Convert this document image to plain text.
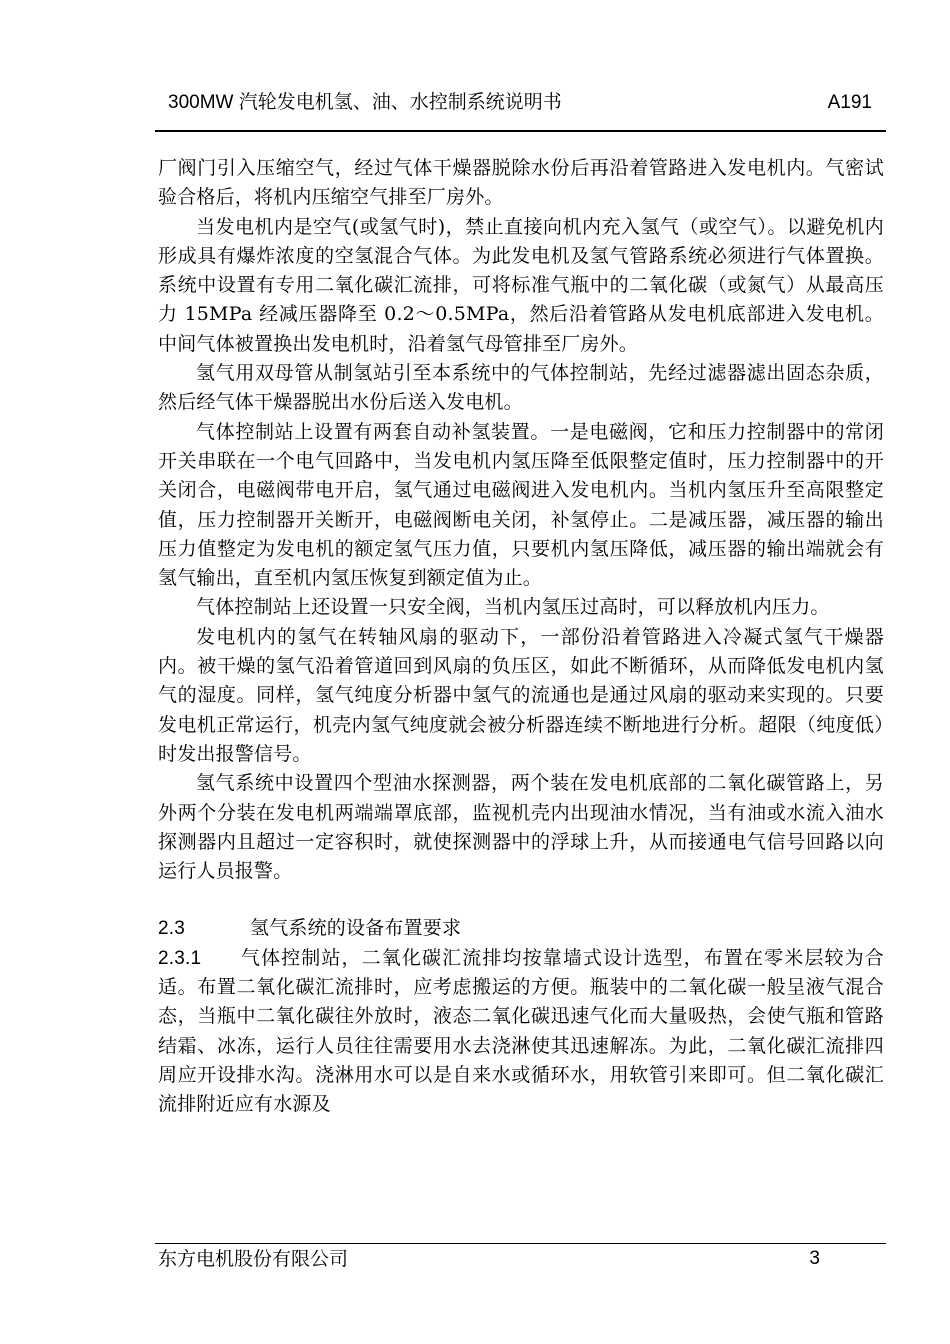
300MW 汽轮发电机氢、油、水控制系统说明书	A191

厂阀门引入压缩空气，经过气体干燥器脱除水份后再沿着管路进入发电机内。气密试验合格后，将机内压缩空气排至厂房外。

当发电机内是空气(或氢气时)，禁止直接向机内充入氢气（或空气）。以避免机内形成具有爆炸浓度的空氢混合气体。为此发电机及氢气管路系统必须进行气体置换。系统中设置有专用二氧化碳汇流排，可将标准气瓶中的二氧化碳（或氮气）从最高压力 15MPa 经减压器降至 0.2～0.5MPa，然后沿着管路从发电机底部进入发电机。中间气体被置换出发电机时，沿着氢气母管排至厂房外。

氢气用双母管从制氢站引至本系统中的气体控制站，先经过滤器滤出固态杂质，然后经气体干燥器脱出水份后送入发电机。

气体控制站上设置有两套自动补氢装置。一是电磁阀，它和压力控制器中的常闭开关串联在一个电气回路中，当发电机内氢压降至低限整定值时，压力控制器中的开关闭合，电磁阀带电开启，氢气通过电磁阀进入发电机内。当机内氢压升至高限整定值，压力控制器开关断开，电磁阀断电关闭，补氢停止。二是减压器，减压器的输出压力值整定为发电机的额定氢气压力值，只要机内氢压降低，减压器的输出端就会有氢气输出，直至机内氢压恢复到额定值为止。

气体控制站上还设置一只安全阀，当机内氢压过高时，可以释放机内压力。

发电机内的氢气在转轴风扇的驱动下，一部份沿着管路进入冷凝式氢气干燥器内。被干燥的氢气沿着管道回到风扇的负压区，如此不断循环，从而降低发电机内氢气的湿度。同样，氢气纯度分析器中氢气的流通也是通过风扇的驱动来实现的。只要发电机正常运行，机壳内氢气纯度就会被分析器连续不断地进行分析。超限（纯度低）时发出报警信号。

氢气系统中设置四个型油水探测器，两个装在发电机底部的二氧化碳管路上，另外两个分装在发电机两端端罩底部，监视机壳内出现油水情况，当有油或水流入油水探测器内且超过一定容积时，就使探测器中的浮球上升，从而接通电气信号回路以向运行人员报警。

2.3	氢气系统的设备布置要求

2.3.1 气体控制站，二氧化碳汇流排均按靠墙式设计选型，布置在零米层较为合适。布置二氧化碳汇流排时，应考虑搬运的方便。瓶装中的二氧化碳一般呈液气混合态，当瓶中二氧化碳往外放时，液态二氧化碳迅速气化而大量吸热，会使气瓶和管路结霜、冰冻，运行人员往往需要用水去浇淋使其迅速解冻。为此，二氧化碳汇流排四周应开设排水沟。浇淋用水可以是自来水或循环水，用软管引来即可。但二氧化碳汇流排附近应有水源及

东方电机股份有限公司	3
